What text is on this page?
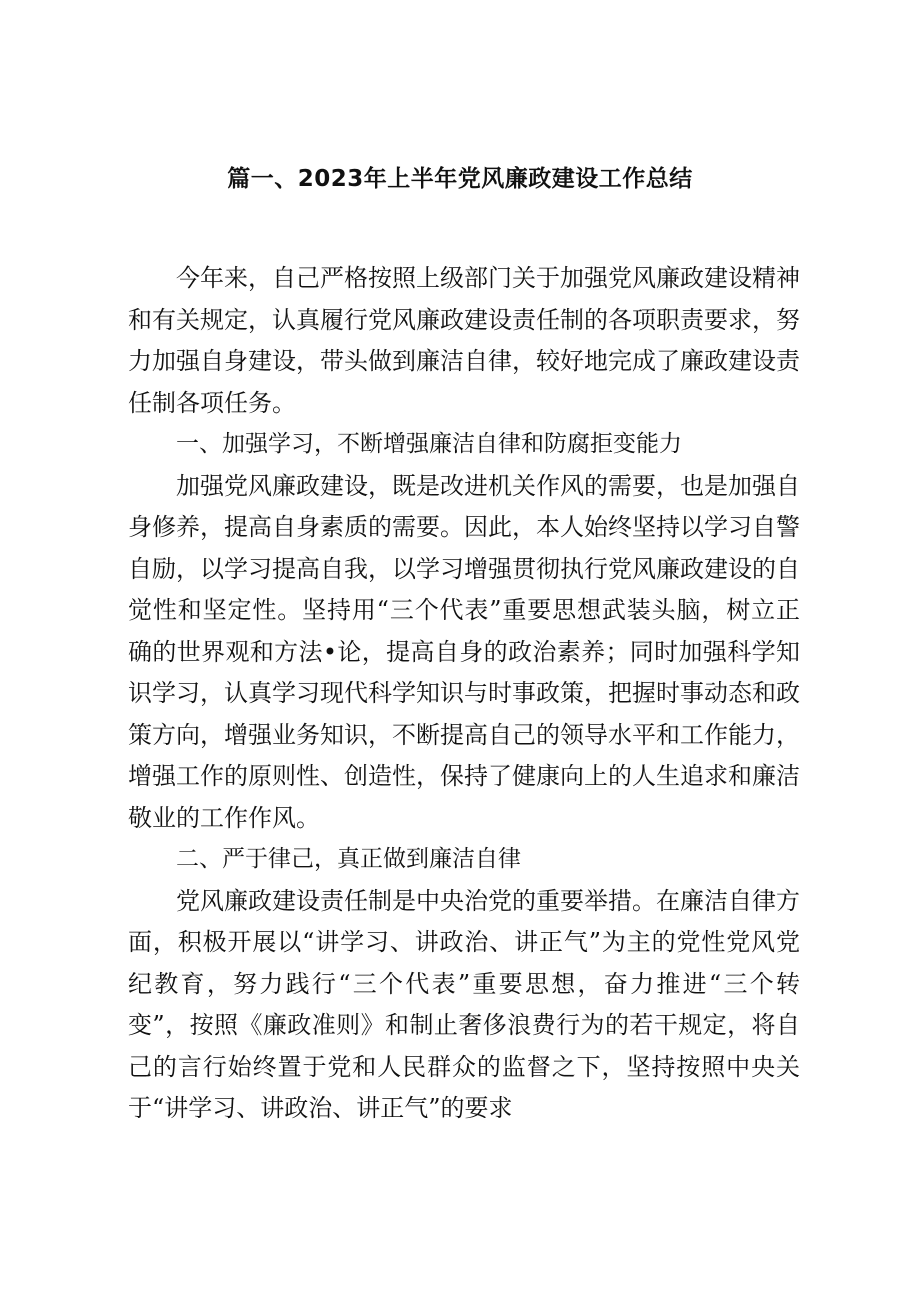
篇一、2023年上半年党风廉政建设工作总结

今年来，自己严格按照上级部门关于加强党风廉政建设精神和有关规定，认真履行党风廉政建设责任制的各项职责要求，努力加强自身建设，带头做到廉洁自律，较好地完成了廉政建设责任制各项任务。

一、加强学习，不断增强廉洁自律和防腐拒变能力

加强党风廉政建设，既是改进机关作风的需要，也是加强自身修养，提高自身素质的需要。因此，本人始终坚持以学习自警自励，以学习提高自我，以学习增强贯彻执行党风廉政建设的自觉性和坚定性。坚持用“三个代表”重要思想武装头脑，树立正确的世界观和方法•论，提高自身的政治素养；同时加强科学知识学习，认真学习现代科学知识与时事政策，把握时事动态和政策方向，增强业务知识，不断提高自己的领导水平和工作能力，增强工作的原则性、创造性，保持了健康向上的人生追求和廉洁敬业的工作作风。

二、严于律己，真正做到廉洁自律

党风廉政建设责任制是中央治党的重要举措。在廉洁自律方面，积极开展以“讲学习、讲政治、讲正气”为主的党性党风党纪教育，努力践行“三个代表”重要思想，奋力推进“三个转变”，按照《廉政准则》和制止奢侈浪费行为的若干规定，将自己的言行始终置于党和人民群众的监督之下，坚持按照中央关于“讲学习、讲政治、讲正气”的要求
